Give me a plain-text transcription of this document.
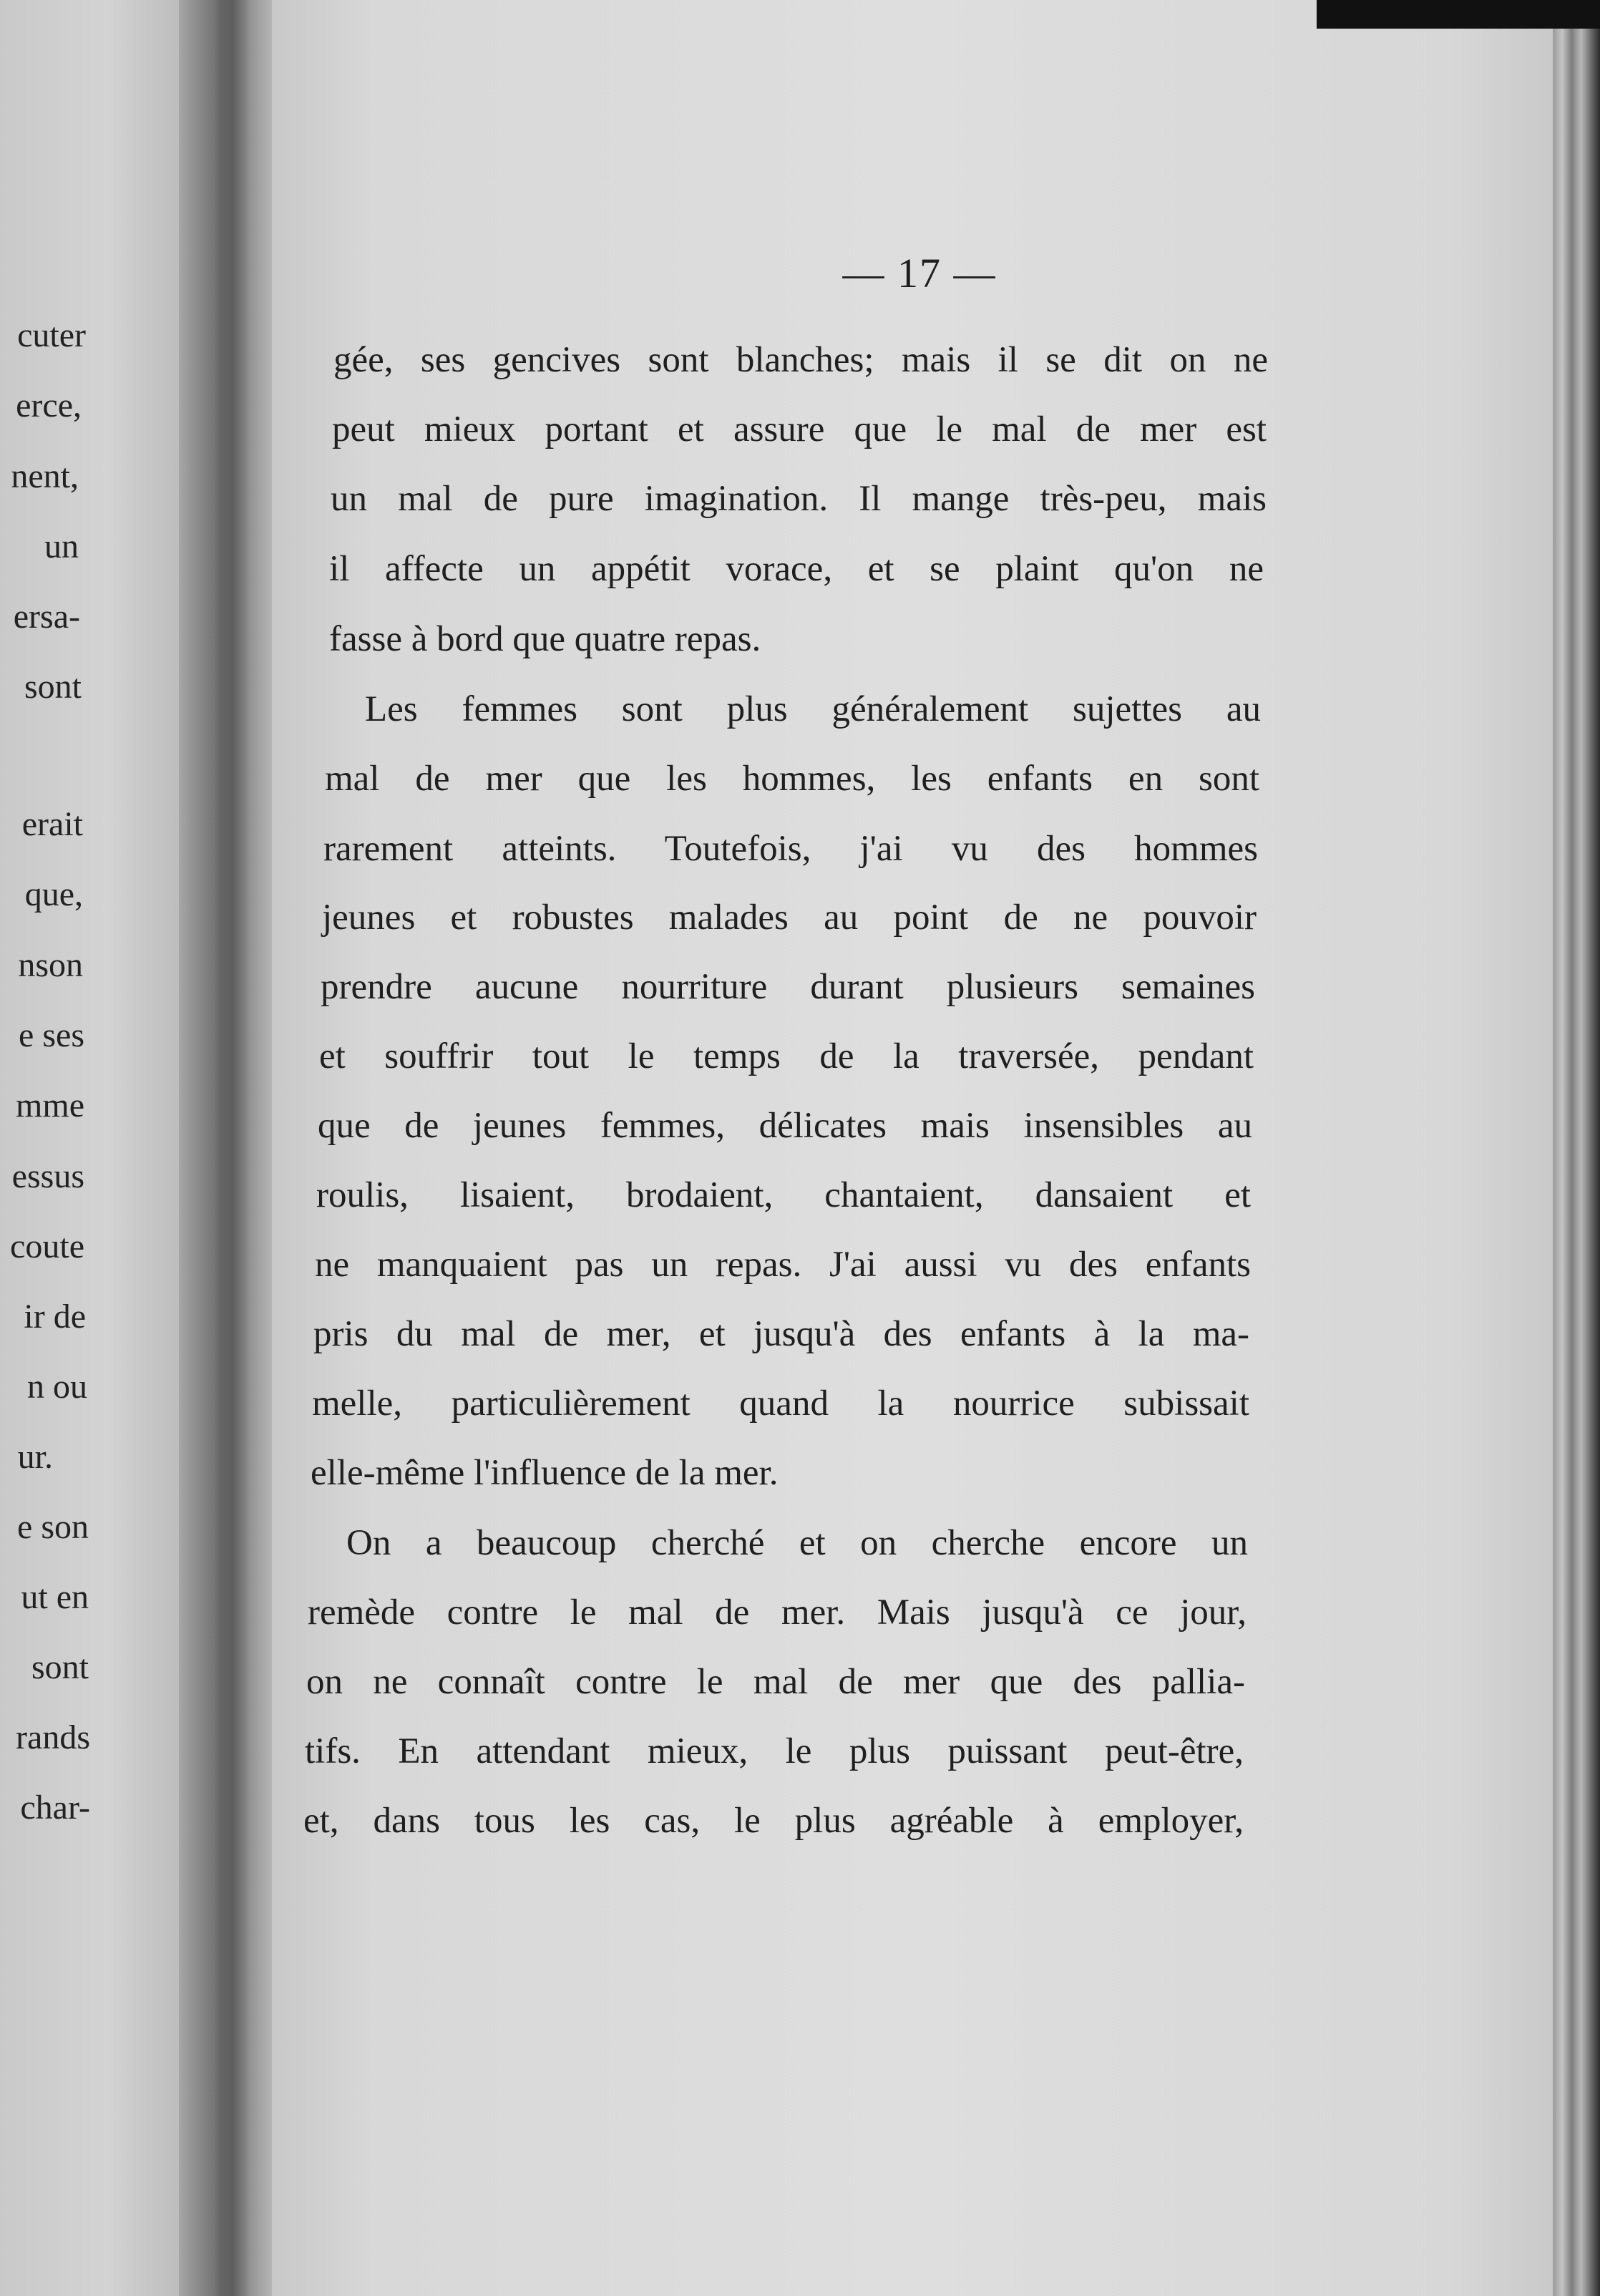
cuter
erce,
nent,
un
ersa-
sont
erait
que,
nson
e ses
mme
essus
coute
ir de
n ou
ur.
e son
ut en
sont
rands
char-
— 17 —
gée, ses gencives sont blanches; mais il se dit on ne
peut mieux portant et assure que le mal de mer est
un mal de pure imagination. Il mange très-peu, mais
il affecte un appétit vorace, et se plaint qu'on ne
fasse à bord que quatre repas.
Les femmes sont plus généralement sujettes au
mal de mer que les hommes, les enfants en sont
rarement atteints. Toutefois, j'ai vu des hommes
jeunes et robustes malades au point de ne pouvoir
prendre aucune nourriture durant plusieurs semaines
et souffrir tout le temps de la traversée, pendant
que de jeunes femmes, délicates mais insensibles au
roulis, lisaient, brodaient, chantaient, dansaient et
ne manquaient pas un repas. J'ai aussi vu des enfants
pris du mal de mer, et jusqu'à des enfants à la ma-
melle, particulièrement quand la nourrice subissait
elle-même l'influence de la mer.
On a beaucoup cherché et on cherche encore un
remède contre le mal de mer. Mais jusqu'à ce jour,
on ne connaît contre le mal de mer que des pallia-
tifs. En attendant mieux, le plus puissant peut-être,
et, dans tous les cas, le plus agréable à employer,
